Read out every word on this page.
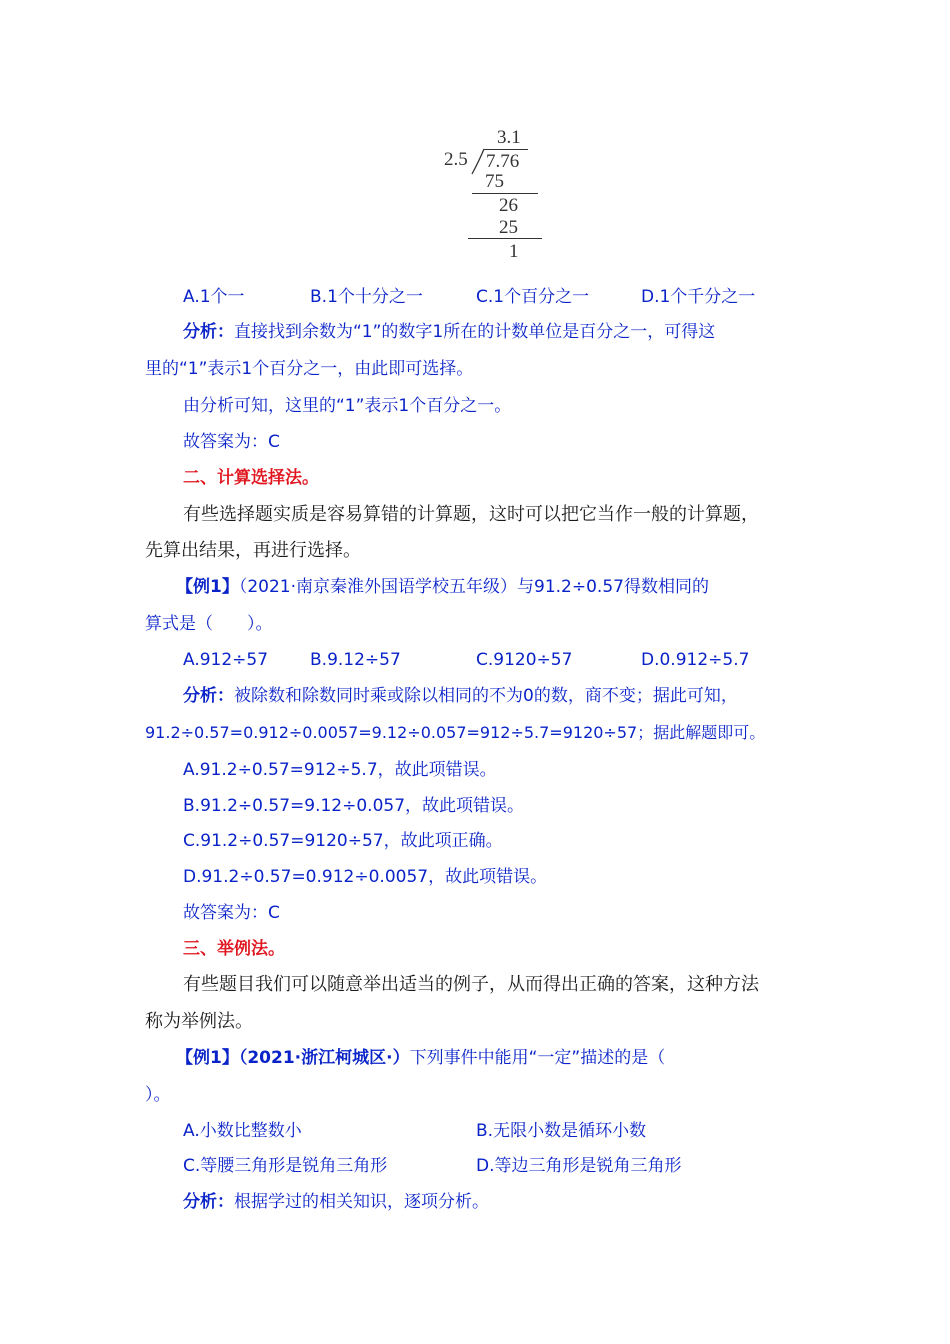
3.1
2.5 7.76
75
26
25
1
A.1个一	B.1个十分之一	C.1个百分之一	D.1个千分之一
分析：直接找到余数为“1”的数字1所在的计数单位是百分之一，可得这
里的“1”表示1个百分之一，由此即可选择。
由分析可知，这里的“1”表示1个百分之一。
故答案为：C
二、计算选择法。
有些选择题实质是容易算错的计算题，这时可以把它当作一般的计算题，
先算出结果，再进行选择。
【例1】（2021·南京秦淮外国语学校五年级）与91.2÷0.57得数相同的
算式是（　　）。
A.912÷57 B.9.12÷57	C.9120÷57	D.0.912÷5.7
分析：被除数和除数同时乘或除以相同的不为0的数，商不变；据此可知，
91.2÷0.57=0.912÷0.0057=9.12÷0.057=912÷5.7=9120÷57；据此解题即可。
A.91.2÷0.57=912÷5.7，故此项错误。
B.91.2÷0.57=9.12÷0.057，故此项错误。
C.91.2÷0.57=9120÷57，故此项正确。
D.91.2÷0.57=0.912÷0.0057，故此项错误。
故答案为：C
三、举例法。
有些题目我们可以随意举出适当的例子，从而得出正确的答案，这种方法
称为举例法。
【例1】（2021·浙江柯城区·）下列事件中能用“一定”描述的是（
）。
A.小数比整数小	B.无限小数是循环小数
C.等腰三角形是锐角三角形	D.等边三角形是锐角三角形
分析：根据学过的相关知识，逐项分析。
